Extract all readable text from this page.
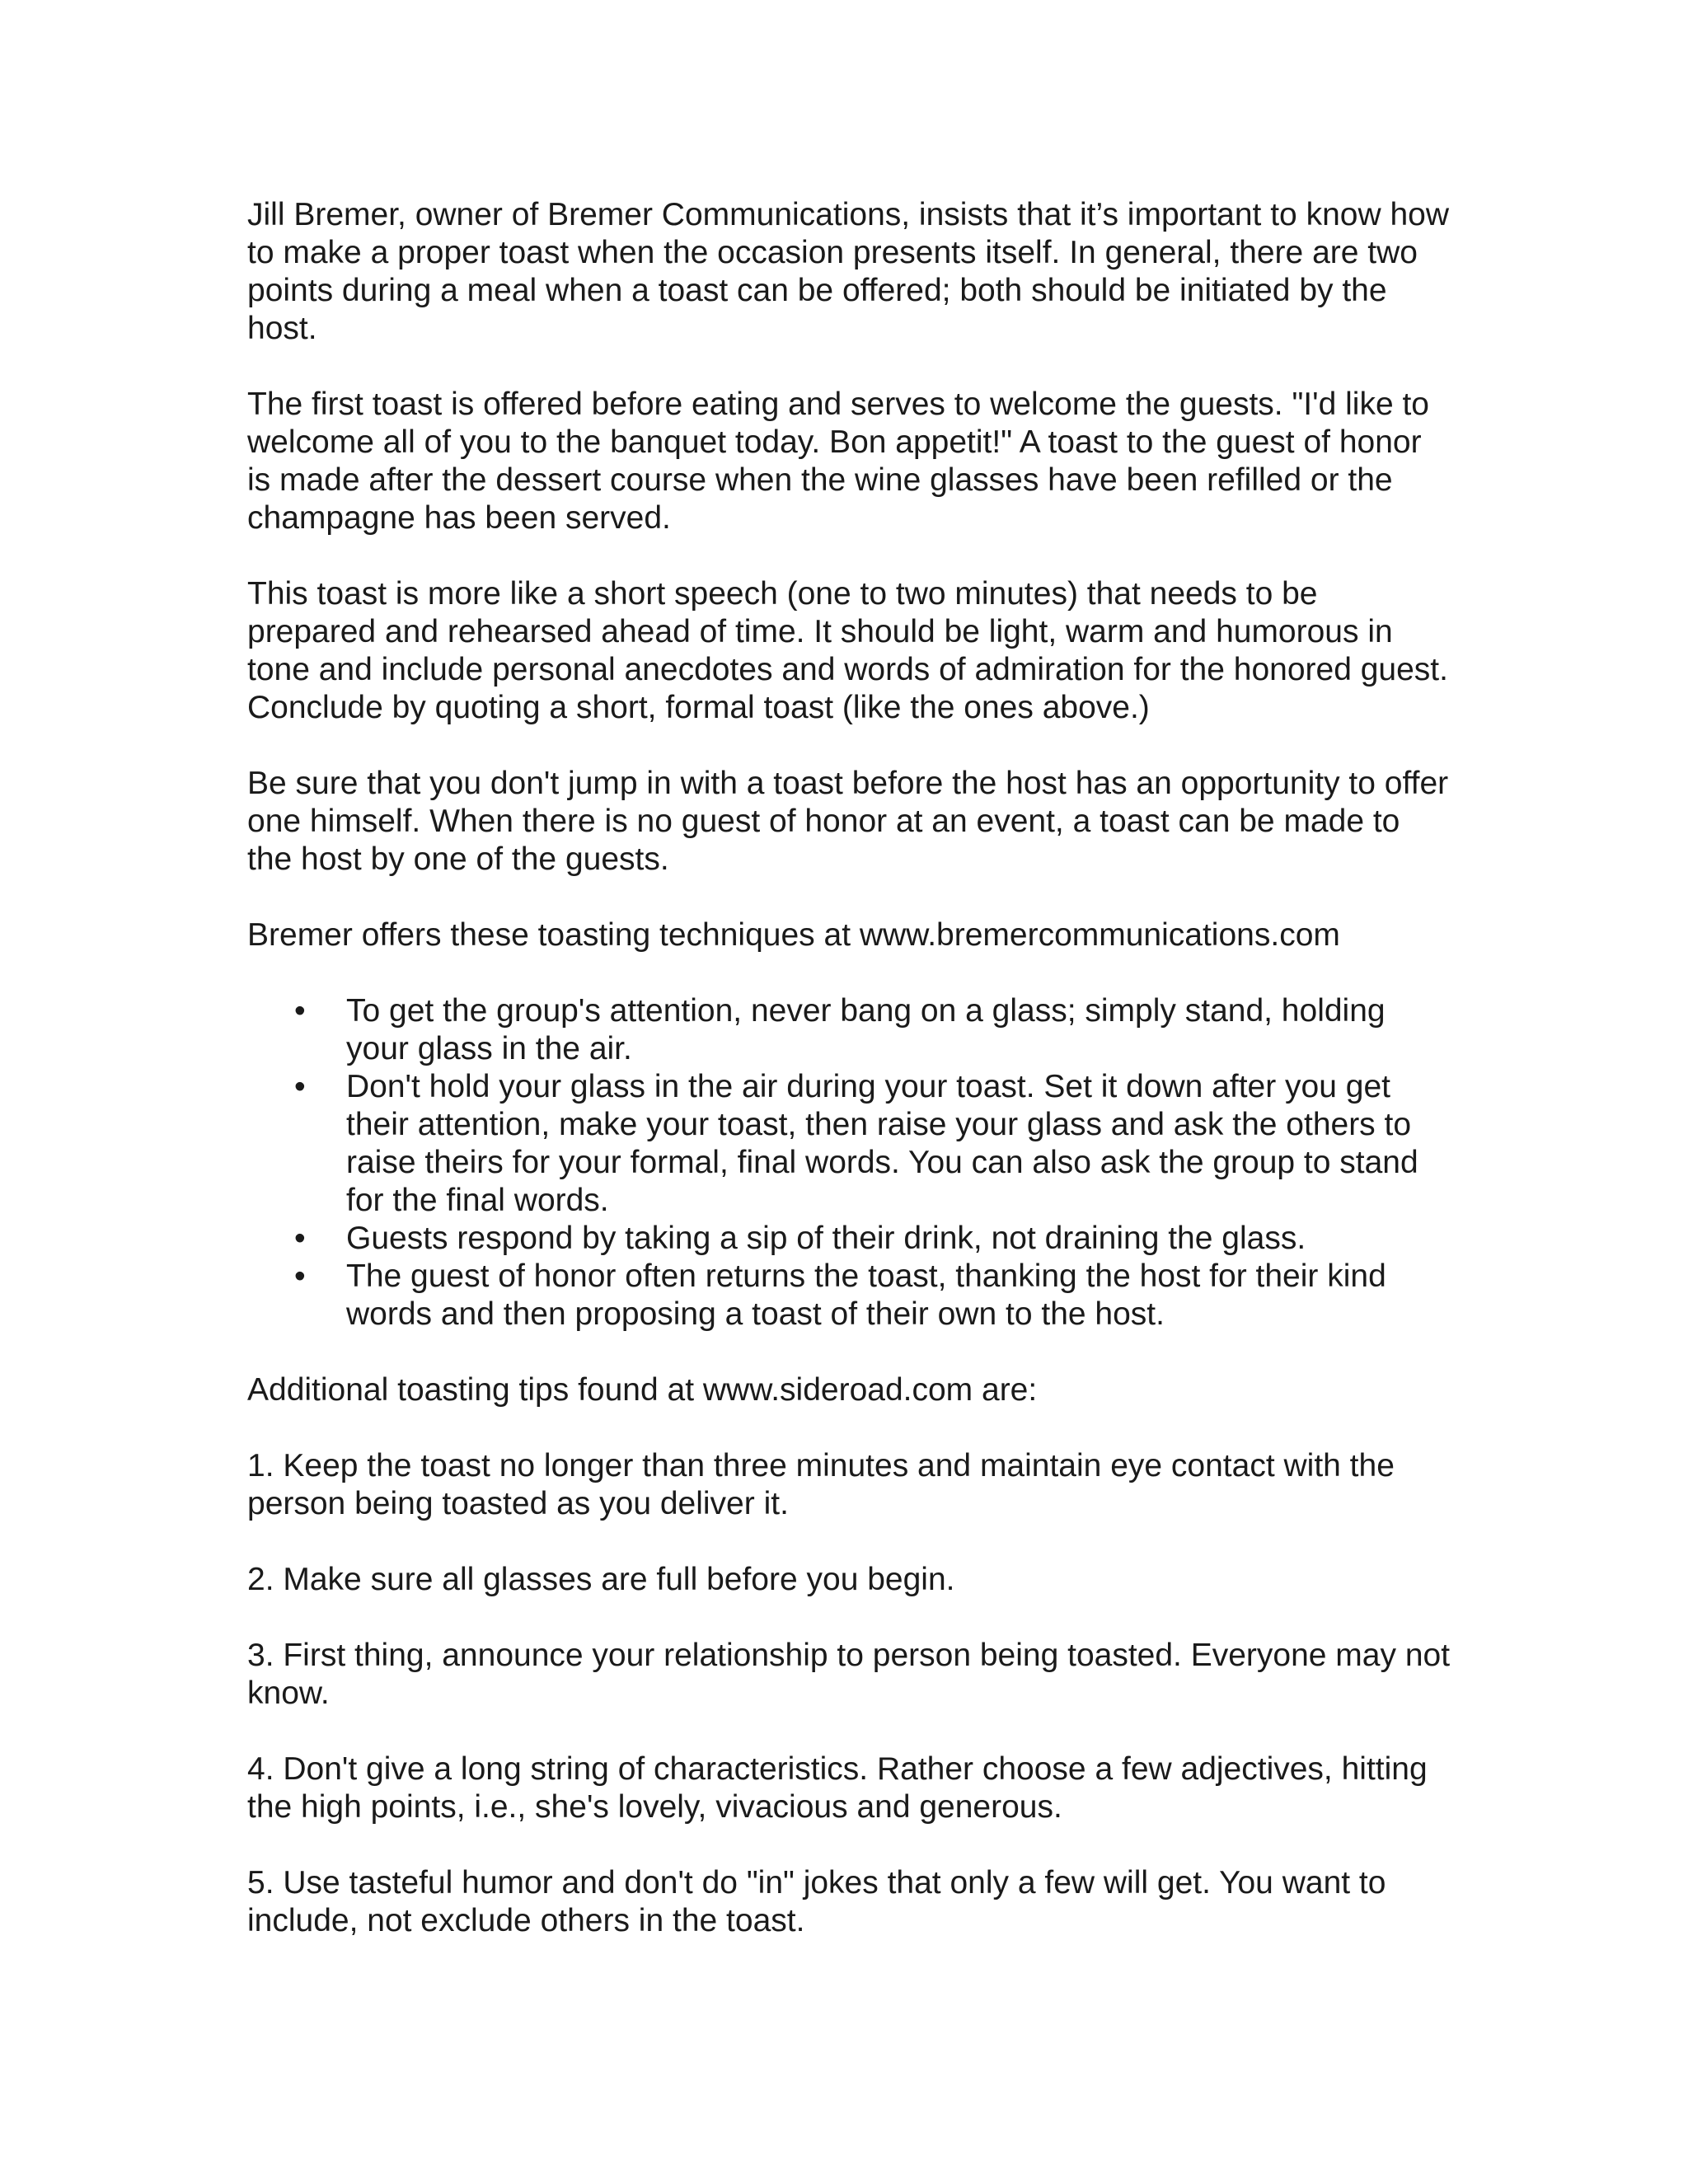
Jill Bremer, owner of Bremer Communications, insists that it’s important to know how to make a proper toast when the occasion presents itself. In general, there are two points during a meal when a toast can be offered; both should be initiated by the host.

The first toast is offered before eating and serves to welcome the guests. "I'd like to welcome all of you to the banquet today. Bon appetit!" A toast to the guest of honor is made after the dessert course when the wine glasses have been refilled or the champagne has been served.

This toast is more like a short speech (one to two minutes) that needs to be prepared and rehearsed ahead of time. It should be light, warm and humorous in tone and include personal anecdotes and words of admiration for the honored guest. Conclude by quoting a short, formal toast (like the ones above.)

Be sure that you don't jump in with a toast before the host has an opportunity to offer one himself. When there is no guest of honor at an event, a toast can be made to the host by one of the guests.

Bremer offers these toasting techniques at www.bremercommunications.com

• To get the group's attention, never bang on a glass; simply stand, holding your glass in the air.
• Don't hold your glass in the air during your toast. Set it down after you get their attention, make your toast, then raise your glass and ask the others to raise theirs for your formal, final words. You can also ask the group to stand for the final words.
• Guests respond by taking a sip of their drink, not draining the glass.
• The guest of honor often returns the toast, thanking the host for their kind words and then proposing a toast of their own to the host.

Additional toasting tips found at www.sideroad.com are:

1. Keep the toast no longer than three minutes and maintain eye contact with the person being toasted as you deliver it.

2. Make sure all glasses are full before you begin.

3. First thing, announce your relationship to person being toasted. Everyone may not know.

4. Don't give a long string of characteristics. Rather choose a few adjectives, hitting the high points, i.e., she's lovely, vivacious and generous.

5. Use tasteful humor and don't do "in" jokes that only a few will get. You want to include, not exclude others in the toast.
